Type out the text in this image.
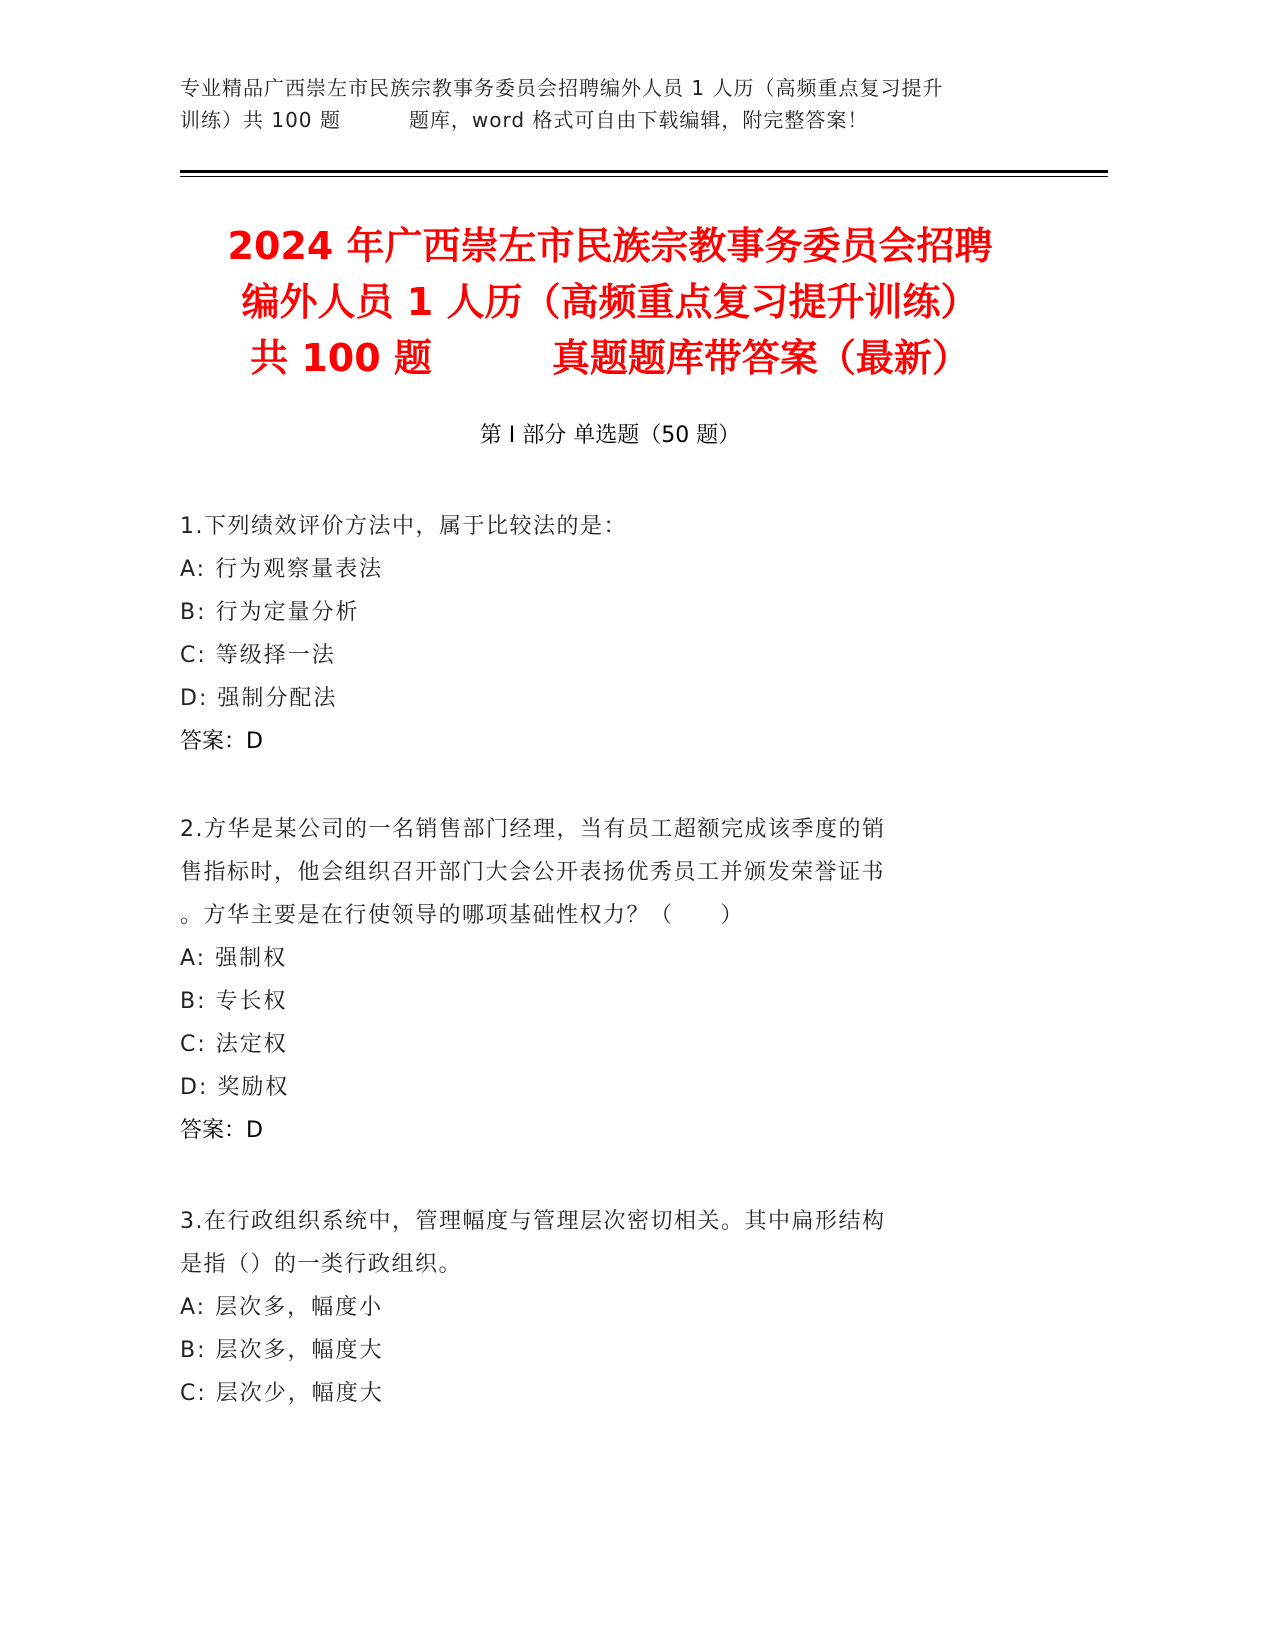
专业精品广西崇左市民族宗教事务委员会招聘编外人员 1 人历（高频重点复习提升
训练）共 100 题	题库，word 格式可自由下载编辑，附完整答案！
2024 年广西崇左市民族宗教事务委员会招聘
编外人员 1 人历（高频重点复习提升训练）
共 100 题	真题题库带答案（最新）
第 I 部分 单选题（50 题）
1.下列绩效评价方法中，属于比较法的是：
A: 行为观察量表法
B: 行为定量分析
C: 等级择一法
D: 强制分配法
答案：D
2.方华是某公司的一名销售部门经理，当有员工超额完成该季度的销
售指标时，他会组织召开部门大会公开表扬优秀员工并颁发荣誉证书
。方华主要是在行使领导的哪项基础性权力？（　　）
A: 强制权
B: 专长权
C: 法定权
D: 奖励权
答案：D
3.在行政组织系统中，管理幅度与管理层次密切相关。其中扁形结构
是指（）的一类行政组织。
A: 层次多，幅度小
B: 层次多，幅度大
C: 层次少，幅度大
